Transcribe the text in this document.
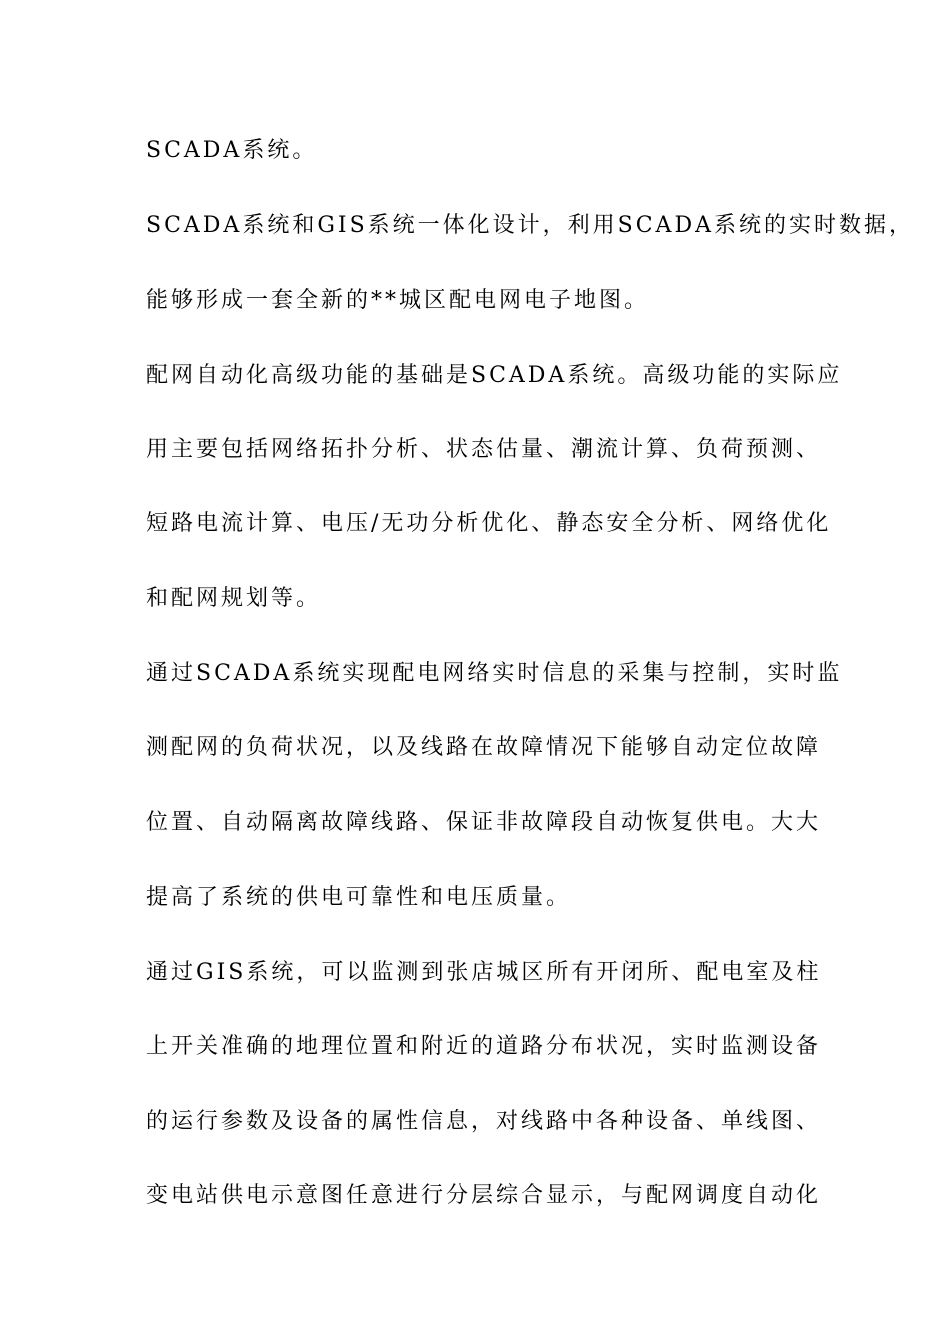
SCADA系统。
SCADA系统和GIS系统一体化设计，利用SCADA系统的实时数据，
能够形成一套全新的**城区配电网电子地图。
配网自动化高级功能的基础是SCADA系统。高级功能的实际应
用主要包括网络拓扑分析、状态估量、潮流计算、负荷预测、
短路电流计算、电压/无功分析优化、静态安全分析、网络优化
和配网规划等。
通过SCADA系统实现配电网络实时信息的采集与控制，实时监
测配网的负荷状况，以及线路在故障情况下能够自动定位故障
位置、自动隔离故障线路、保证非故障段自动恢复供电。大大
提高了系统的供电可靠性和电压质量。
通过GIS系统，可以监测到张店城区所有开闭所、配电室及柱
上开关准确的地理位置和附近的道路分布状况，实时监测设备
的运行参数及设备的属性信息，对线路中各种设备、单线图、
变电站供电示意图任意进行分层综合显示，与配网调度自动化
